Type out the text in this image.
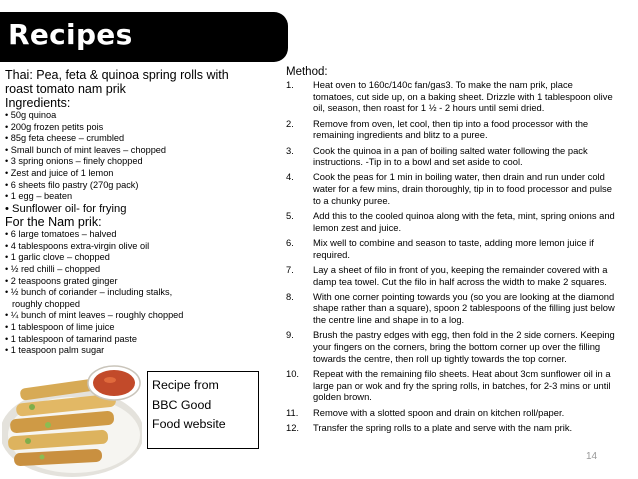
Recipes

Thai: Pea, feta & quinoa spring rolls with

roast tomato nam prik

Ingredients:

• 50g quinoa
• 200g frozen petits pois
• 85g feta cheese – crumbled
• Small bunch of mint leaves – chopped
• 3 spring onions – finely chopped
• Zest and juice of 1 lemon
• 6 sheets filo pastry (270g pack)
• 1 egg – beaten
• Sunflower oil- for frying

For the Nam prik:

• 6 large tomatoes – halved
• 4 tablespoons extra-virgin olive oil
• 1 garlic clove – chopped
• ½ red chilli – chopped
• 2 teaspoons grated ginger
• ½ bunch of coriander – including stalks,
roughly chopped
• ¼ bunch of mint leaves – roughly chopped
• 1 tablespoon of lime juice
• 1 tablespoon of tamarind paste
• 1 teaspoon palm sugar

Method:

1.	Heat oven to 160c/140c fan/gas3. To make the nam prik, place tomatoes, cut side up, on a baking sheet. Drizzle with 1 tablespoon olive oil, season, then roast for 1 ½ - 2 hours until semi dried.
2.	Remove from oven, let cool, then tip into a food processor with the remaining ingredients and blitz to a puree.
3.	Cook the quinoa in a pan of boiling salted water following the pack instructions. -Tip in to a bowl and set aside to cool.
4.	Cook the peas for 1 min in boiling water, then drain and run under cold water for a few mins, drain thoroughly, tip in to food processor and pulse to a chunky puree.
5.	Add this to the cooled quinoa along with the feta, mint, spring onions and lemon zest and juice.
6.	Mix well to combine and season to taste, adding more lemon juice if required.
7.	Lay a sheet of filo in front of you, keeping the remainder covered with a damp tea towel. Cut the filo in half across the width to make 2 squares.
8.	With one corner pointing towards you (so you are looking at the diamond shape rather than a square), spoon 2 tablespoons of the filling just below the centre line and shape in to a log.
9.	Brush the pastry edges with egg, then fold in the 2 side corners. Keeping your fingers on the corners, bring the bottom corner up over the filling towards the centre, then roll up tightly towards the top corner.
10.	Repeat with the remaining filo sheets. Heat about 3cm sunflower oil in a large pan or wok and fry the spring rolls, in batches, for 2-3 mins or until golden brown.
11.	Remove with a slotted spoon and drain on kitchen roll/paper.
12.	Transfer the spring rolls to a plate and serve with the nam prik.
Recipe from
BBC Good
Food website
14
